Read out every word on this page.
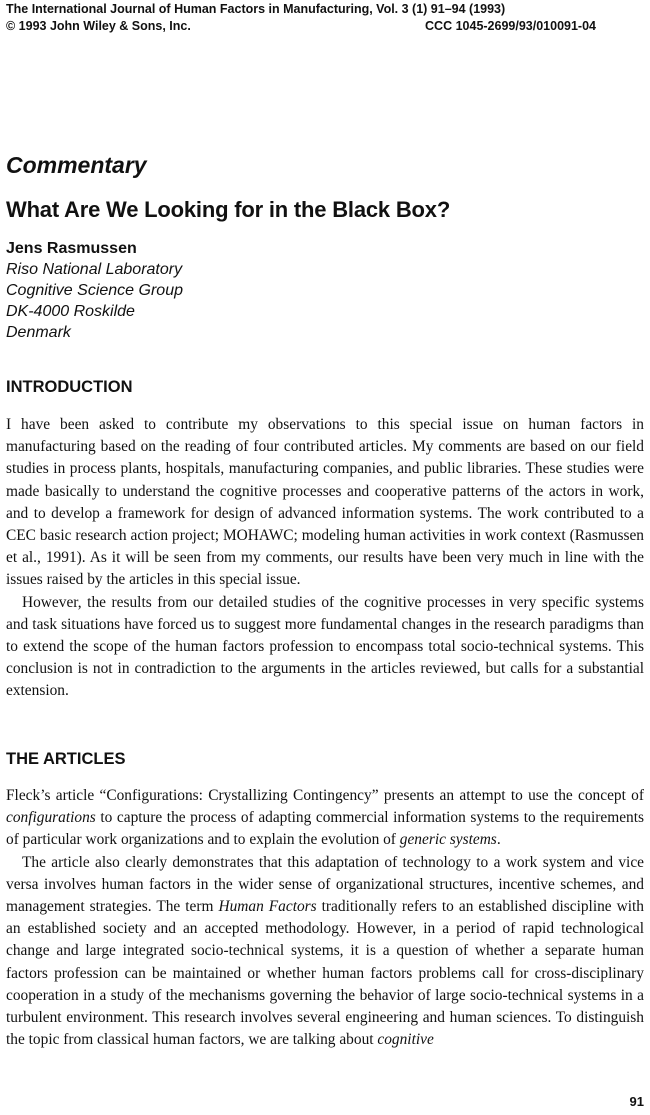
The International Journal of Human Factors in Manufacturing, Vol. 3 (1) 91–94 (1993)
© 1993 John Wiley & Sons, Inc.	CCC 1045-2699/93/010091-04
Commentary
What Are We Looking for in the Black Box?
Jens Rasmussen
Riso National Laboratory
Cognitive Science Group
DK-4000 Roskilde
Denmark
INTRODUCTION

I have been asked to contribute my observations to this special issue on human factors in manufacturing based on the reading of four contributed articles. My comments are based on our field studies in process plants, hospitals, manufacturing companies, and public libraries. These studies were made basically to understand the cognitive processes and cooperative patterns of the actors in work, and to develop a framework for design of advanced information systems. The work contributed to a CEC basic research action project; MOHAWC; modeling human activities in work context (Rasmussen et al., 1991). As it will be seen from my comments, our results have been very much in line with the issues raised by the articles in this special issue.

However, the results from our detailed studies of the cognitive processes in very specific systems and task situations have forced us to suggest more fundamental changes in the research paradigms than to extend the scope of the human factors profession to encompass total socio-technical systems. This conclusion is not in contradiction to the arguments in the articles reviewed, but calls for a substantial extension.

THE ARTICLES

Fleck’s article “Configurations: Crystallizing Contingency” presents an attempt to use the concept of configurations to capture the process of adapting commercial information systems to the requirements of particular work organizations and to explain the evolution of generic systems.

The article also clearly demonstrates that this adaptation of technology to a work system and vice versa involves human factors in the wider sense of organizational structures, incentive schemes, and management strategies. The term Human Factors traditionally refers to an established discipline with an established society and an accepted methodology. However, in a period of rapid technological change and large integrated socio-technical systems, it is a question of whether a separate human factors profession can be maintained or whether human factors problems call for cross-disciplinary cooperation in a study of the mechanisms governing the behavior of large socio-technical systems in a turbulent environment. This research involves several engineering and human sciences. To distinguish the topic from classical human factors, we are talking about cognitive

91
